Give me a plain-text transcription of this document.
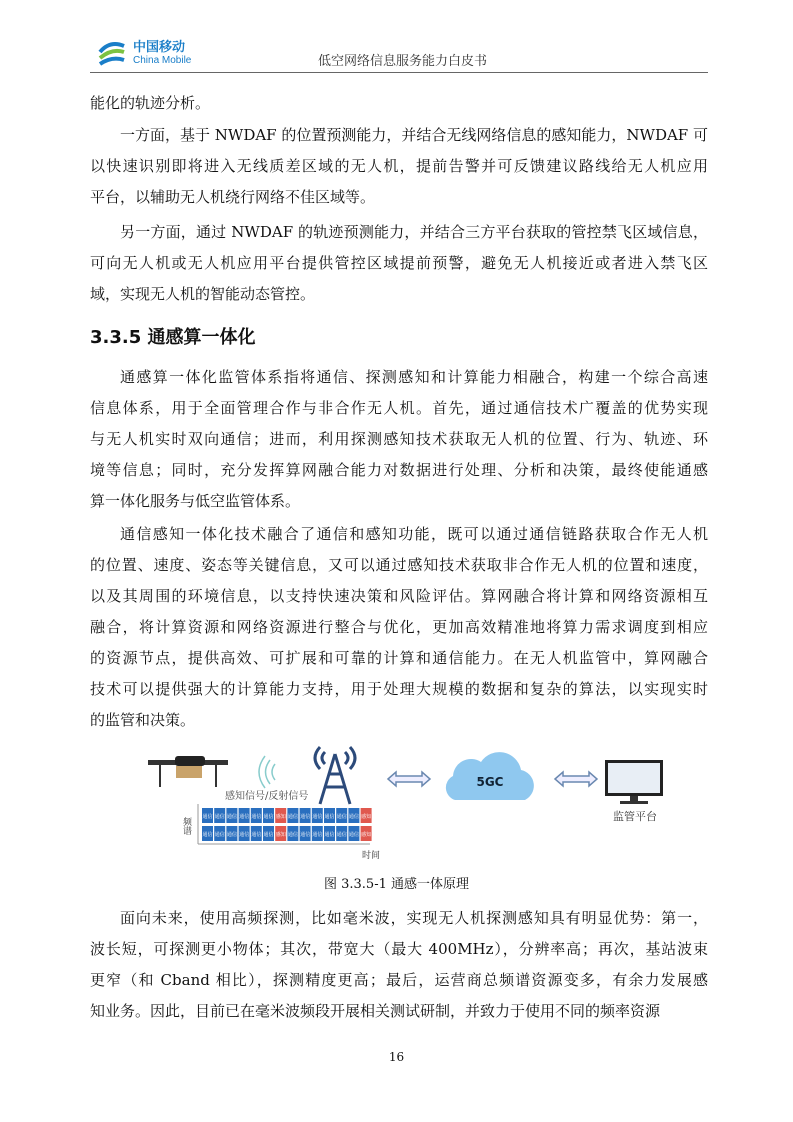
中国移动
China Mobile	低空网络信息服务能力白皮书
能化的轨迹分析。
一方面，基于 NWDAF 的位置预测能力，并结合无线网络信息的感知能力，NWDAF 可
以快速识别即将进入无线质差区域的无人机，提前告警并可反馈建议路线给无人机应用
平台，以辅助无人机绕行网络不佳区域等。
另一方面，通过 NWDAF 的轨迹预测能力，并结合三方平台获取的管控禁飞区域信息，
可向无人机或无人机应用平台提供管控区域提前预警，避免无人机接近或者进入禁飞区
域，实现无人机的智能动态管控。
3.3.5 通感算一体化
通感算一体化监管体系指将通信、探测感知和计算能力相融合，构建一个综合高速
信息体系，用于全面管理合作与非合作无人机。首先，通过通信技术广覆盖的优势实现
与无人机实时双向通信；进而，利用探测感知技术获取无人机的位置、行为、轨迹、环
境等信息；同时，充分发挥算网融合能力对数据进行处理、分析和决策，最终使能通感
算一体化服务与低空监管体系。
通信感知一体化技术融合了通信和感知功能，既可以通过通信链路获取合作无人机
的位置、速度、姿态等关键信息，又可以通过感知技术获取非合作无人机的位置和速度，
以及其周围的环境信息，以支持快速决策和风险评估。算网融合将计算和网络资源相互
融合，将计算资源和网络资源进行整合与优化，更加高效精准地将算力需求调度到相应
的资源节点，提供高效、可扩展和可靠的计算和通信能力。在无人机监管中，算网融合
技术可以提供强大的计算能力支持，用于处理大规模的数据和复杂的算法，以实现实时
的监管和决策。
感知信号/反射信号
5GC
监管平台
频谱 通信 通信 通信 通信 通信 通信 感知 通信 通信 通信 通信 通信 通信 感知
通信 通信 通信 通信 通信 通信 感知 通信 通信 通信 通信 通信 通信 感知
时间
图 3.3.5-1 通感一体原理
面向未来，使用高频探测，比如毫米波，实现无人机探测感知具有明显优势：第一，
波长短，可探测更小物体；其次，带宽大（最大 400MHz），分辨率高；再次，基站波束
更窄（和 Cband 相比），探测精度更高；最后，运营商总频谱资源变多，有余力发展感
知业务。因此，目前已在毫米波频段开展相关测试研制，并致力于使用不同的频率资源
16
